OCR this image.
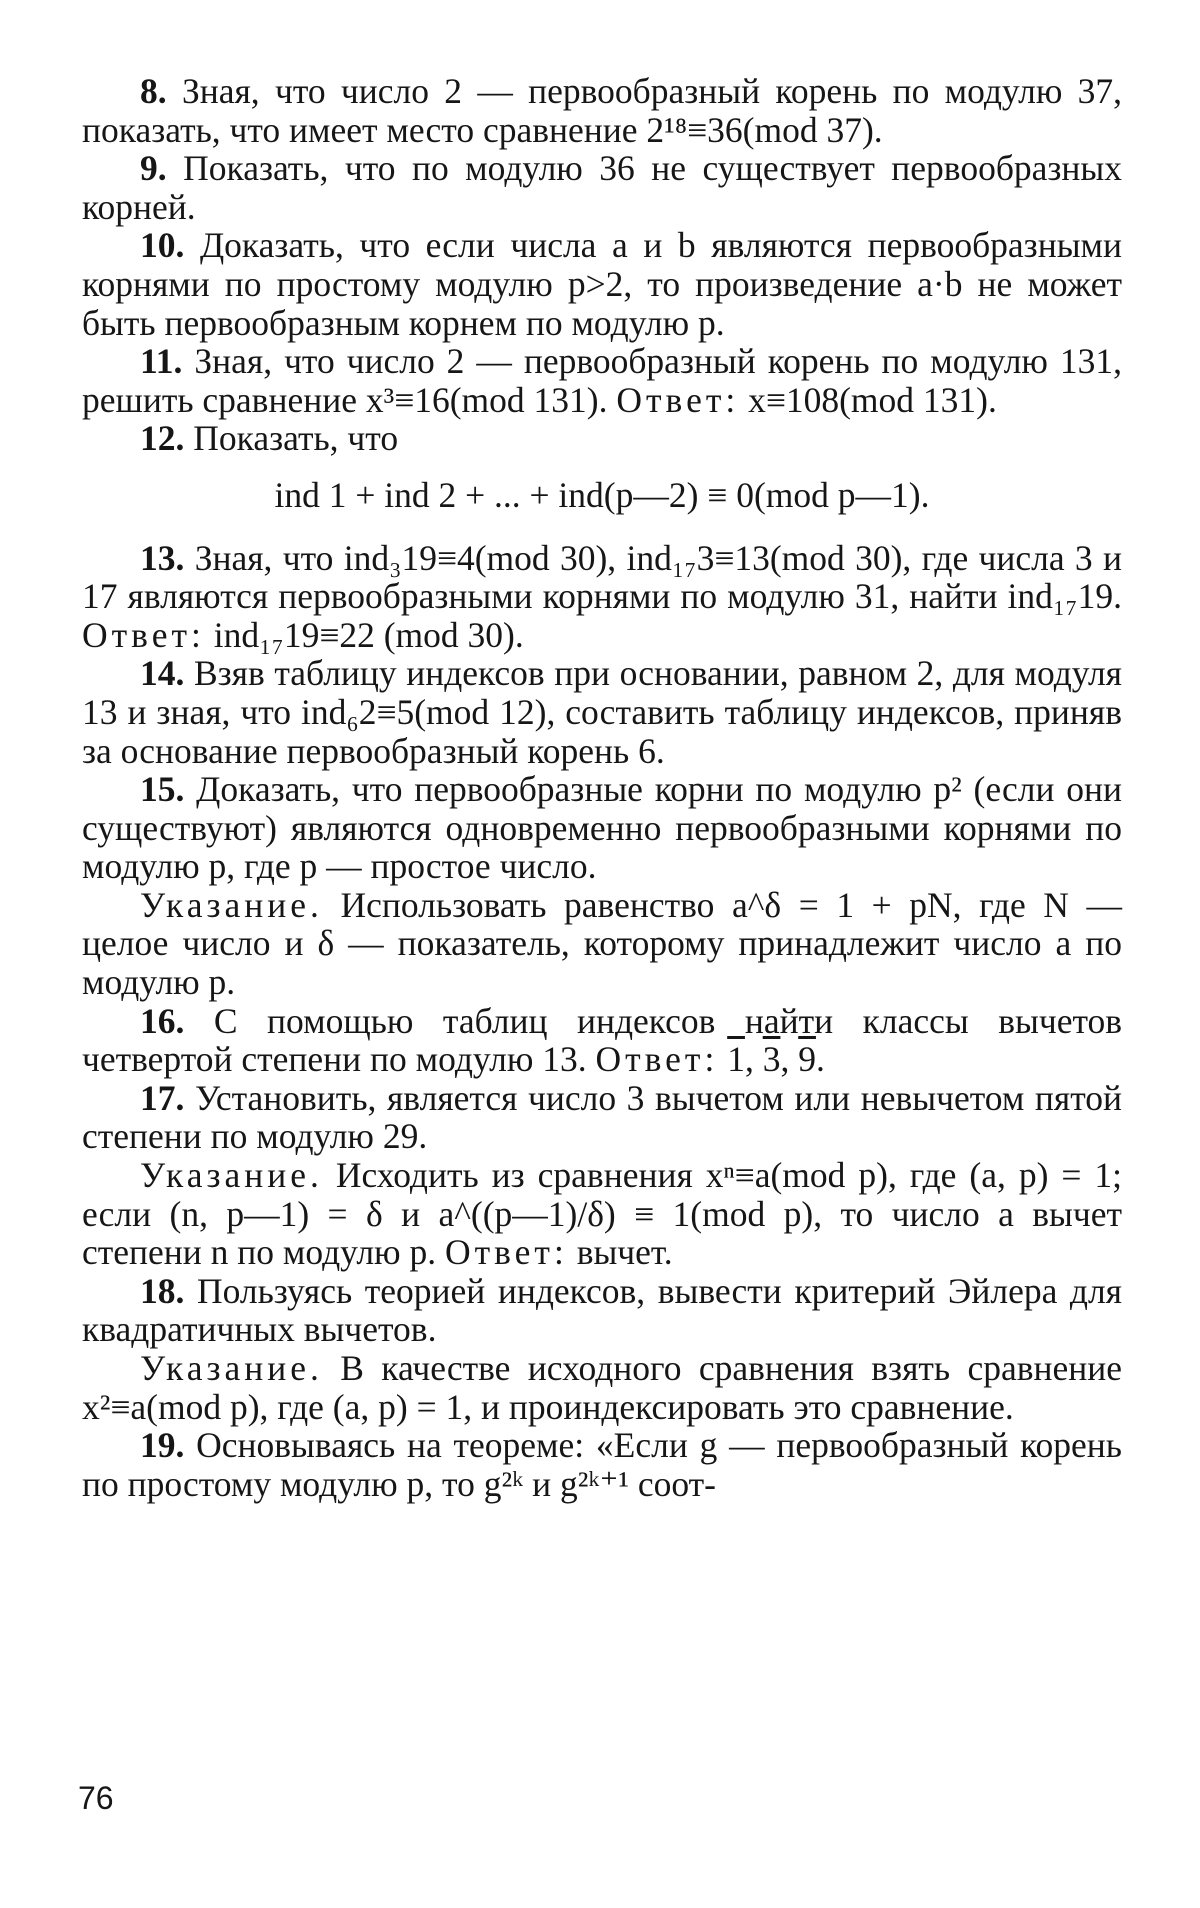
8. Зная, что число 2 — первообразный корень по модулю 37, показать, что имеет место сравнение 2¹⁸≡36(mod 37).

9. Показать, что по модулю 36 не существует первообразных корней.

10. Доказать, что если числа a и b являются первообразными корнями по простому модулю p>2, то произведение a·b не может быть первообразным корнем по модулю p.

11. Зная, что число 2 — первообразный корень по модулю 131, решить сравнение x³≡16(mod 131). Ответ: x≡108(mod 131).

12. Показать, что

ind 1 + ind 2 + ... + ind(p—2) ≡ 0(mod p—1).

13. Зная, что ind₃19≡4(mod 30), ind₁₇3≡13(mod 30), где числа 3 и 17 являются первообразными корнями по модулю 31, найти ind₁₇19. Ответ: ind₁₇19≡22 (mod 30).

14. Взяв таблицу индексов при основании, равном 2, для модуля 13 и зная, что ind₆2≡5(mod 12), составить таблицу индексов, приняв за основание первообразный корень 6.

15. Доказать, что первообразные корни по модулю p² (если они существуют) являются одновременно первообразными корнями по модулю p, где p — простое число.

Указание. Использовать равенство a^δ = 1 + pN, где N — целое число и δ — показатель, которому принадлежит число a по модулю p.

16. С помощью таблиц индексов найти классы вычетов четвертой степени по модулю 13. Ответ: 1, 3, 9.

17. Установить, является число 3 вычетом или невычетом пятой степени по модулю 29.

Указание. Исходить из сравнения xⁿ≡a(mod p), где (a, p) = 1; если (n, p—1) = δ и a^((p—1)/δ) ≡ 1(mod p), то число a вычет степени n по модулю p. Ответ: вычет.

18. Пользуясь теорией индексов, вывести критерий Эйлера для квадратичных вычетов.

Указание. В качестве исходного сравнения взять сравнение x²≡a(mod p), где (a, p) = 1, и проиндексировать это сравнение.

19. Основываясь на теореме: «Если g — первообразный корень по простому модулю p, то g²ᵏ и g²ᵏ⁺¹ соот-

76
